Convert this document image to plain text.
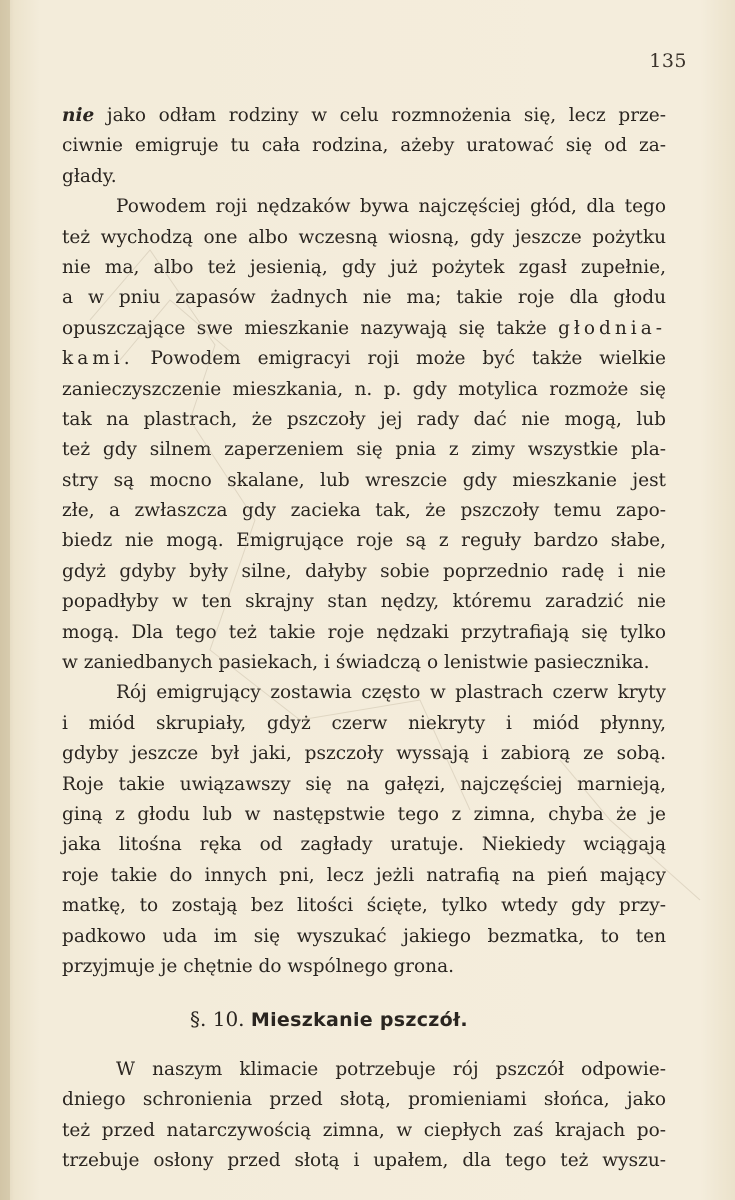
135
nie jako odłam rodziny w celu rozmnożenia się, lecz prze-
ciwnie emigruje tu cała rodzina, ażeby uratować się od za-
głady.
Powodem roji nędzaków bywa najczęściej głód, dla tego
też wychodzą one albo wczesną wiosną, gdy jeszcze pożytku
nie ma, albo też jesienią, gdy już pożytek zgasł zupełnie,
a w pniu zapasów żadnych nie ma; takie roje dla głodu
opuszczające swe mieszkanie nazywają się także głodnia-
kami. Powodem emigracyi roji może być także wielkie
zanieczyszczenie mieszkania, n. p. gdy motylica rozmoże się
tak na plastrach, że pszczoły jej rady dać nie mogą, lub
też gdy silnem zaperzeniem się pnia z zimy wszystkie pla-
stry są mocno skalane, lub wreszcie gdy mieszkanie jest
złe, a zwłaszcza gdy zacieka tak, że pszczoły temu zapo-
biedz nie mogą. Emigrujące roje są z reguły bardzo słabe,
gdyż gdyby były silne, dałyby sobie poprzednio radę i nie
popadłyby w ten skrajny stan nędzy, któremu zaradzić nie
mogą. Dla tego też takie roje nędzaki przytrafiają się tylko
w zaniedbanych pasiekach, i świadczą o lenistwie pasiecznika.
Rój emigrujący zostawia często w plastrach czerw kryty
i miód skrupiały, gdyż czerw niekryty i miód płynny,
gdyby jeszcze był jaki, pszczoły wyssają i zabiorą ze sobą.
Roje takie uwiązawszy się na gałęzi, najczęściej marnieją,
giną z głodu lub w następstwie tego z zimna, chyba że je
jaka litośna ręka od zagłady uratuje. Niekiedy wciągają
roje takie do innych pni, lecz jeżli natrafią na pień mający
matkę, to zostają bez litości ścięte, tylko wtedy gdy przy-
padkowo uda im się wyszukać jakiego bezmatka, to ten
przyjmuje je chętnie do wspólnego grona.
§. 10. Mieszkanie pszczół.
W naszym klimacie potrzebuje rój pszczół odpowie-
dniego schronienia przed słotą, promieniami słońca, jako
też przed natarczywością zimna, w ciepłych zaś krajach po-
trzebuje osłony przed słotą i upałem, dla tego też wyszu-
